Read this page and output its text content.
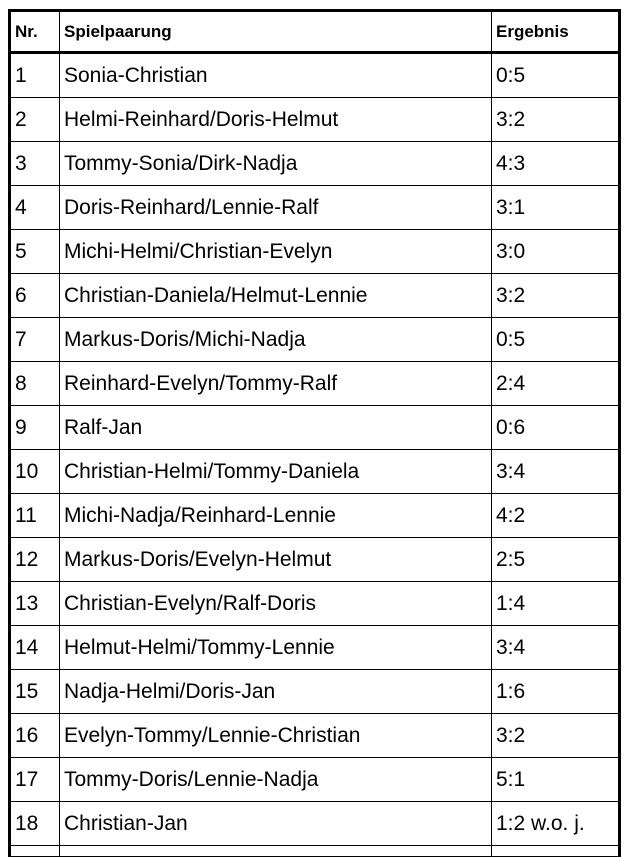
Nr.	Spielpaarung	Ergebnis
1	Sonia-Christian	0:5
2	Helmi-Reinhard/Doris-Helmut	3:2
3	Tommy-Sonia/Dirk-Nadja	4:3
4	Doris-Reinhard/Lennie-Ralf	3:1
5	Michi-Helmi/Christian-Evelyn	3:0
6	Christian-Daniela/Helmut-Lennie	3:2
7	Markus-Doris/Michi-Nadja	0:5
8	Reinhard-Evelyn/Tommy-Ralf	2:4
9	Ralf-Jan	0:6
10	Christian-Helmi/Tommy-Daniela	3:4
11	Michi-Nadja/Reinhard-Lennie	4:2
12	Markus-Doris/Evelyn-Helmut	2:5
13	Christian-Evelyn/Ralf-Doris	1:4
14	Helmut-Helmi/Tommy-Lennie	3:4
15	Nadja-Helmi/Doris-Jan	1:6
16	Evelyn-Tommy/Lennie-Christian	3:2
17	Tommy-Doris/Lennie-Nadja	5:1
18	Christian-Jan	1:2 w.o. j.
